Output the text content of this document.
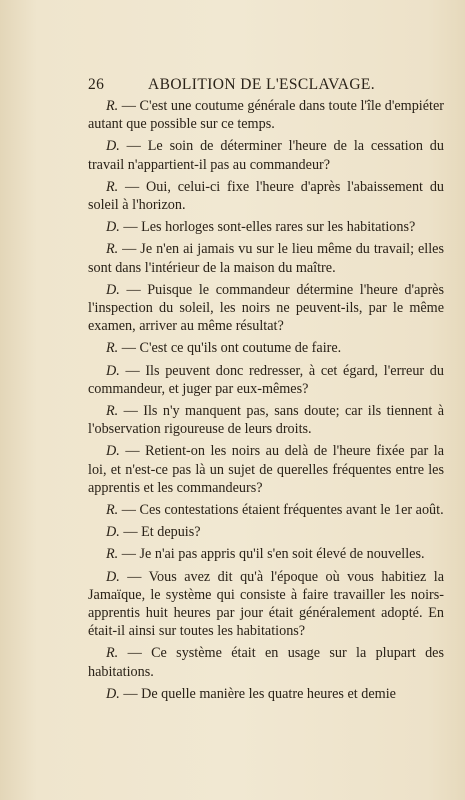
26	ABOLITION DE L'ESCLAVAGE.

R. — C'est une coutume générale dans toute l'île d'empiéter autant que possible sur ce temps.

D. — Le soin de déterminer l'heure de la cessation du travail n'appartient-il pas au commandeur?

R. — Oui, celui-ci fixe l'heure d'après l'abaissement du soleil à l'horizon.

D. — Les horloges sont-elles rares sur les habitations?

R. — Je n'en ai jamais vu sur le lieu même du travail; elles sont dans l'intérieur de la maison du maître.

D. — Puisque le commandeur détermine l'heure d'après l'inspection du soleil, les noirs ne peuvent-ils, par le même examen, arriver au même résultat?

R. — C'est ce qu'ils ont coutume de faire.

D. — Ils peuvent donc redresser, à cet égard, l'erreur du commandeur, et juger par eux-mêmes?

R. — Ils n'y manquent pas, sans doute; car ils tiennent à l'observation rigoureuse de leurs droits.

D. — Retient-on les noirs au delà de l'heure fixée par la loi, et n'est-ce pas là un sujet de querelles fréquentes entre les apprentis et les commandeurs?

R. — Ces contestations étaient fréquentes avant le 1er août.

D. — Et depuis?

R. — Je n'ai pas appris qu'il s'en soit élevé de nouvelles.

D. — Vous avez dit qu'à l'époque où vous habitiez la Jamaïque, le système qui consiste à faire travailler les noirs-apprentis huit heures par jour était généralement adopté. En était-il ainsi sur toutes les habitations?

R. — Ce système était en usage sur la plupart des habitations.

D. — De quelle manière les quatre heures et demie
